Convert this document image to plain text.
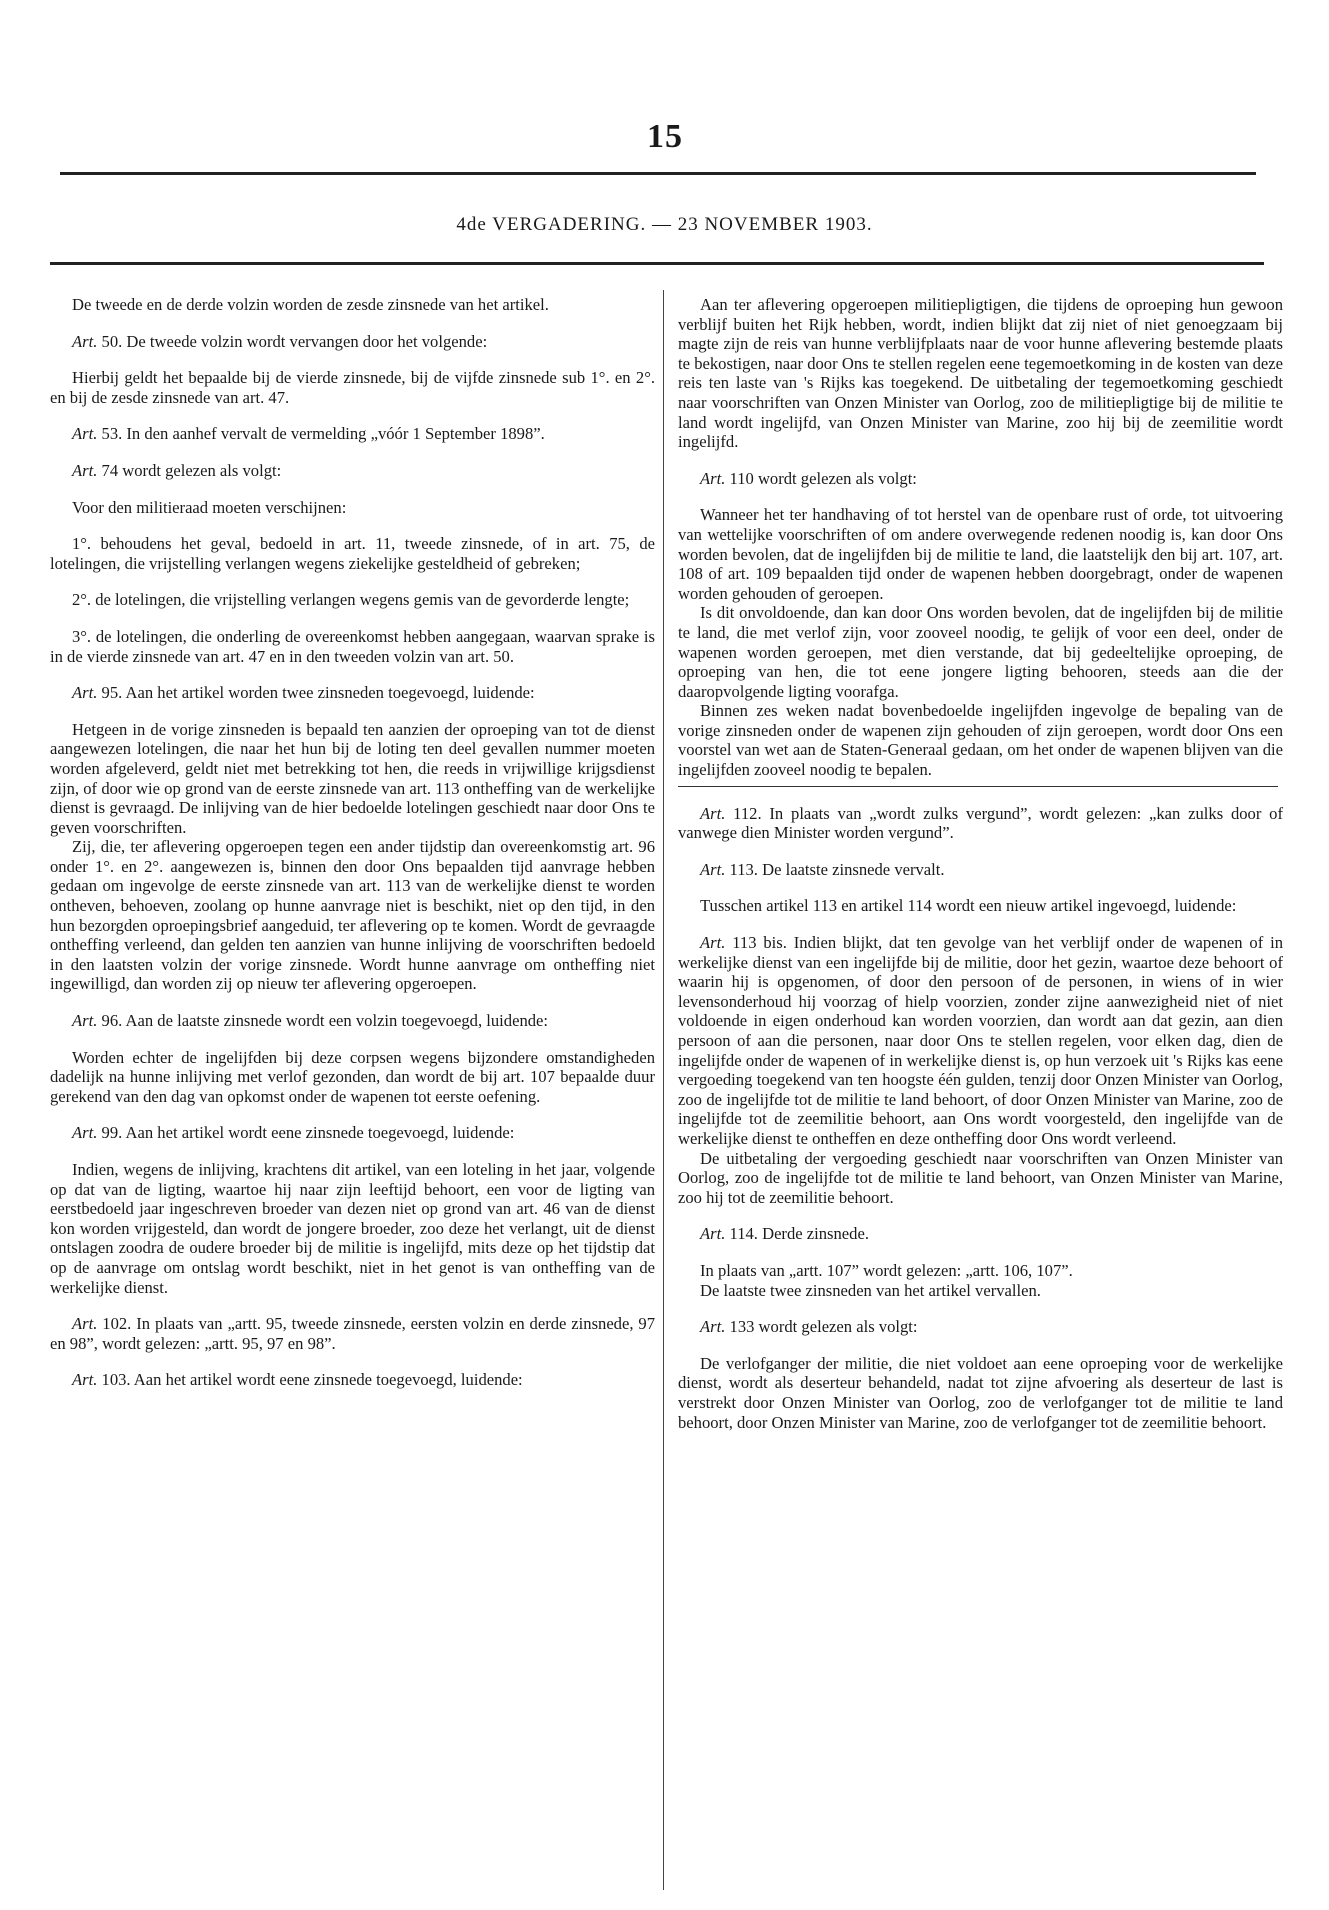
15
4de VERGADERING. — 23 NOVEMBER 1903.

De tweede en de derde volzin worden de zesde zinsnede van het artikel.

Art. 50. De tweede volzin wordt vervangen door het volgende:

Hierbij geldt het bepaalde bij de vierde zinsnede, bij de vijfde zinsnede sub 1°. en 2°. en bij de zesde zinsnede van art. 47.

Art. 53. In den aanhef vervalt de vermelding „vóór 1 September 1898”.

Art. 74 wordt gelezen als volgt:

Voor den militieraad moeten verschijnen:

1°. behoudens het geval, bedoeld in art. 11, tweede zinsnede, of in art. 75, de lotelingen, die vrijstelling verlangen wegens ziekelijke gesteldheid of gebreken;

2°. de lotelingen, die vrijstelling verlangen wegens gemis van de gevorderde lengte;

3°. de lotelingen, die onderling de overeenkomst hebben aangegaan, waarvan sprake is in de vierde zinsnede van art. 47 en in den tweeden volzin van art. 50.

Art. 95. Aan het artikel worden twee zinsneden toegevoegd, luidende:

Hetgeen in de vorige zinsneden is bepaald ten aanzien der oproeping van tot de dienst aangewezen lotelingen, die naar het hun bij de loting ten deel gevallen nummer moeten worden afgeleverd, geldt niet met betrekking tot hen, die reeds in vrijwillige krijgsdienst zijn, of door wie op grond van de eerste zinsnede van art. 113 ontheffing van de werkelijke dienst is gevraagd. De inlijving van de hier bedoelde lotelingen geschiedt naar door Ons te geven voorschriften.

Zij, die, ter aflevering opgeroepen tegen een ander tijdstip dan overeenkomstig art. 96 onder 1°. en 2°. aangewezen is, binnen den door Ons bepaalden tijd aanvrage hebben gedaan om ingevolge de eerste zinsnede van art. 113 van de werkelijke dienst te worden ontheven, behoeven, zoolang op hunne aanvrage niet is beschikt, niet op den tijd, in den hun bezorgden oproepingsbrief aangeduid, ter aflevering op te komen. Wordt de gevraagde ontheffing verleend, dan gelden ten aanzien van hunne inlijving de voorschriften bedoeld in den laatsten volzin der vorige zinsnede. Wordt hunne aanvrage om ontheffing niet ingewilligd, dan worden zij op nieuw ter aflevering opgeroepen.

Art. 96. Aan de laatste zinsnede wordt een volzin toegevoegd, luidende:

Worden echter de ingelijfden bij deze corpsen wegens bijzondere omstandigheden dadelijk na hunne inlijving met verlof gezonden, dan wordt de bij art. 107 bepaalde duur gerekend van den dag van opkomst onder de wapenen tot eerste oefening.

Art. 99. Aan het artikel wordt eene zinsnede toegevoegd, luidende:

Indien, wegens de inlijving, krachtens dit artikel, van een loteling in het jaar, volgende op dat van de ligting, waartoe hij naar zijn leeftijd behoort, een voor de ligting van eerstbedoeld jaar ingeschreven broeder van dezen niet op grond van art. 46 van de dienst kon worden vrijgesteld, dan wordt de jongere broeder, zoo deze het verlangt, uit de dienst ontslagen zoodra de oudere broeder bij de militie is ingelijfd, mits deze op het tijdstip dat op de aanvrage om ontslag wordt beschikt, niet in het genot is van ontheffing van de werkelijke dienst.

Art. 102. In plaats van „artt. 95, tweede zinsnede, eersten volzin en derde zinsnede, 97 en 98”, wordt gelezen: „artt. 95, 97 en 98”.

Art. 103. Aan het artikel wordt eene zinsnede toegevoegd, luidende:

Aan ter aflevering opgeroepen militiepligtigen, die tijdens de oproeping hun gewoon verblijf buiten het Rijk hebben, wordt, indien blijkt dat zij niet of niet genoegzaam bij magte zijn de reis van hunne verblijfplaats naar de voor hunne aflevering bestemde plaats te bekostigen, naar door Ons te stellen regelen eene tegemoetkoming in de kosten van deze reis ten laste van 's Rijks kas toegekend. De uitbetaling der tegemoetkoming geschiedt naar voorschriften van Onzen Minister van Oorlog, zoo de militiepligtige bij de militie te land wordt ingelijfd, van Onzen Minister van Marine, zoo hij bij de zeemilitie wordt ingelijfd.

Art. 110 wordt gelezen als volgt:

Wanneer het ter handhaving of tot herstel van de openbare rust of orde, tot uitvoering van wettelijke voorschriften of om andere overwegende redenen noodig is, kan door Ons worden bevolen, dat de ingelijfden bij de militie te land, die laatstelijk den bij art. 107, art. 108 of art. 109 bepaalden tijd onder de wapenen hebben doorgebragt, onder de wapenen worden gehouden of geroepen.

Is dit onvoldoende, dan kan door Ons worden bevolen, dat de ingelijfden bij de militie te land, die met verlof zijn, voor zooveel noodig, te gelijk of voor een deel, onder de wapenen worden geroepen, met dien verstande, dat bij gedeeltelijke oproeping, de oproeping van hen, die tot eene jongere ligting behooren, steeds aan die der daaropvolgende ligting voorafga.

Binnen zes weken nadat bovenbedoelde ingelijfden ingevolge de bepaling van de vorige zinsneden onder de wapenen zijn gehouden of zijn geroepen, wordt door Ons een voorstel van wet aan de Staten-Generaal gedaan, om het onder de wapenen blijven van die ingelijfden zooveel noodig te bepalen.

Art. 112. In plaats van „wordt zulks vergund”, wordt gelezen: „kan zulks door of vanwege dien Minister worden vergund”.

Art. 113. De laatste zinsnede vervalt.

Tusschen artikel 113 en artikel 114 wordt een nieuw artikel ingevoegd, luidende:

Art. 113 bis. Indien blijkt, dat ten gevolge van het verblijf onder de wapenen of in werkelijke dienst van een ingelijfde bij de militie, door het gezin, waartoe deze behoort of waarin hij is opgenomen, of door den persoon of de personen, in wiens of in wier levensonderhoud hij voorzag of hielp voorzien, zonder zijne aanwezigheid niet of niet voldoende in eigen onderhoud kan worden voorzien, dan wordt aan dat gezin, aan dien persoon of aan die personen, naar door Ons te stellen regelen, voor elken dag, dien de ingelijfde onder de wapenen of in werkelijke dienst is, op hun verzoek uit 's Rijks kas eene vergoeding toegekend van ten hoogste één gulden, tenzij door Onzen Minister van Oorlog, zoo de ingelijfde tot de militie te land behoort, of door Onzen Minister van Marine, zoo de ingelijfde tot de zeemilitie behoort, aan Ons wordt voorgesteld, den ingelijfde van de werkelijke dienst te ontheffen en deze ontheffing door Ons wordt verleend.

De uitbetaling der vergoeding geschiedt naar voorschriften van Onzen Minister van Oorlog, zoo de ingelijfde tot de militie te land behoort, van Onzen Minister van Marine, zoo hij tot de zeemilitie behoort.

Art. 114. Derde zinsnede.

In plaats van „artt. 107” wordt gelezen: „artt. 106, 107”.

De laatste twee zinsneden van het artikel vervallen.

Art. 133 wordt gelezen als volgt:

De verlofganger der militie, die niet voldoet aan eene oproeping voor de werkelijke dienst, wordt als deserteur behandeld, nadat tot zijne afvoering als deserteur de last is verstrekt door Onzen Minister van Oorlog, zoo de verlofganger tot de militie te land behoort, door Onzen Minister van Marine, zoo de verlofganger tot de zeemilitie behoort.
